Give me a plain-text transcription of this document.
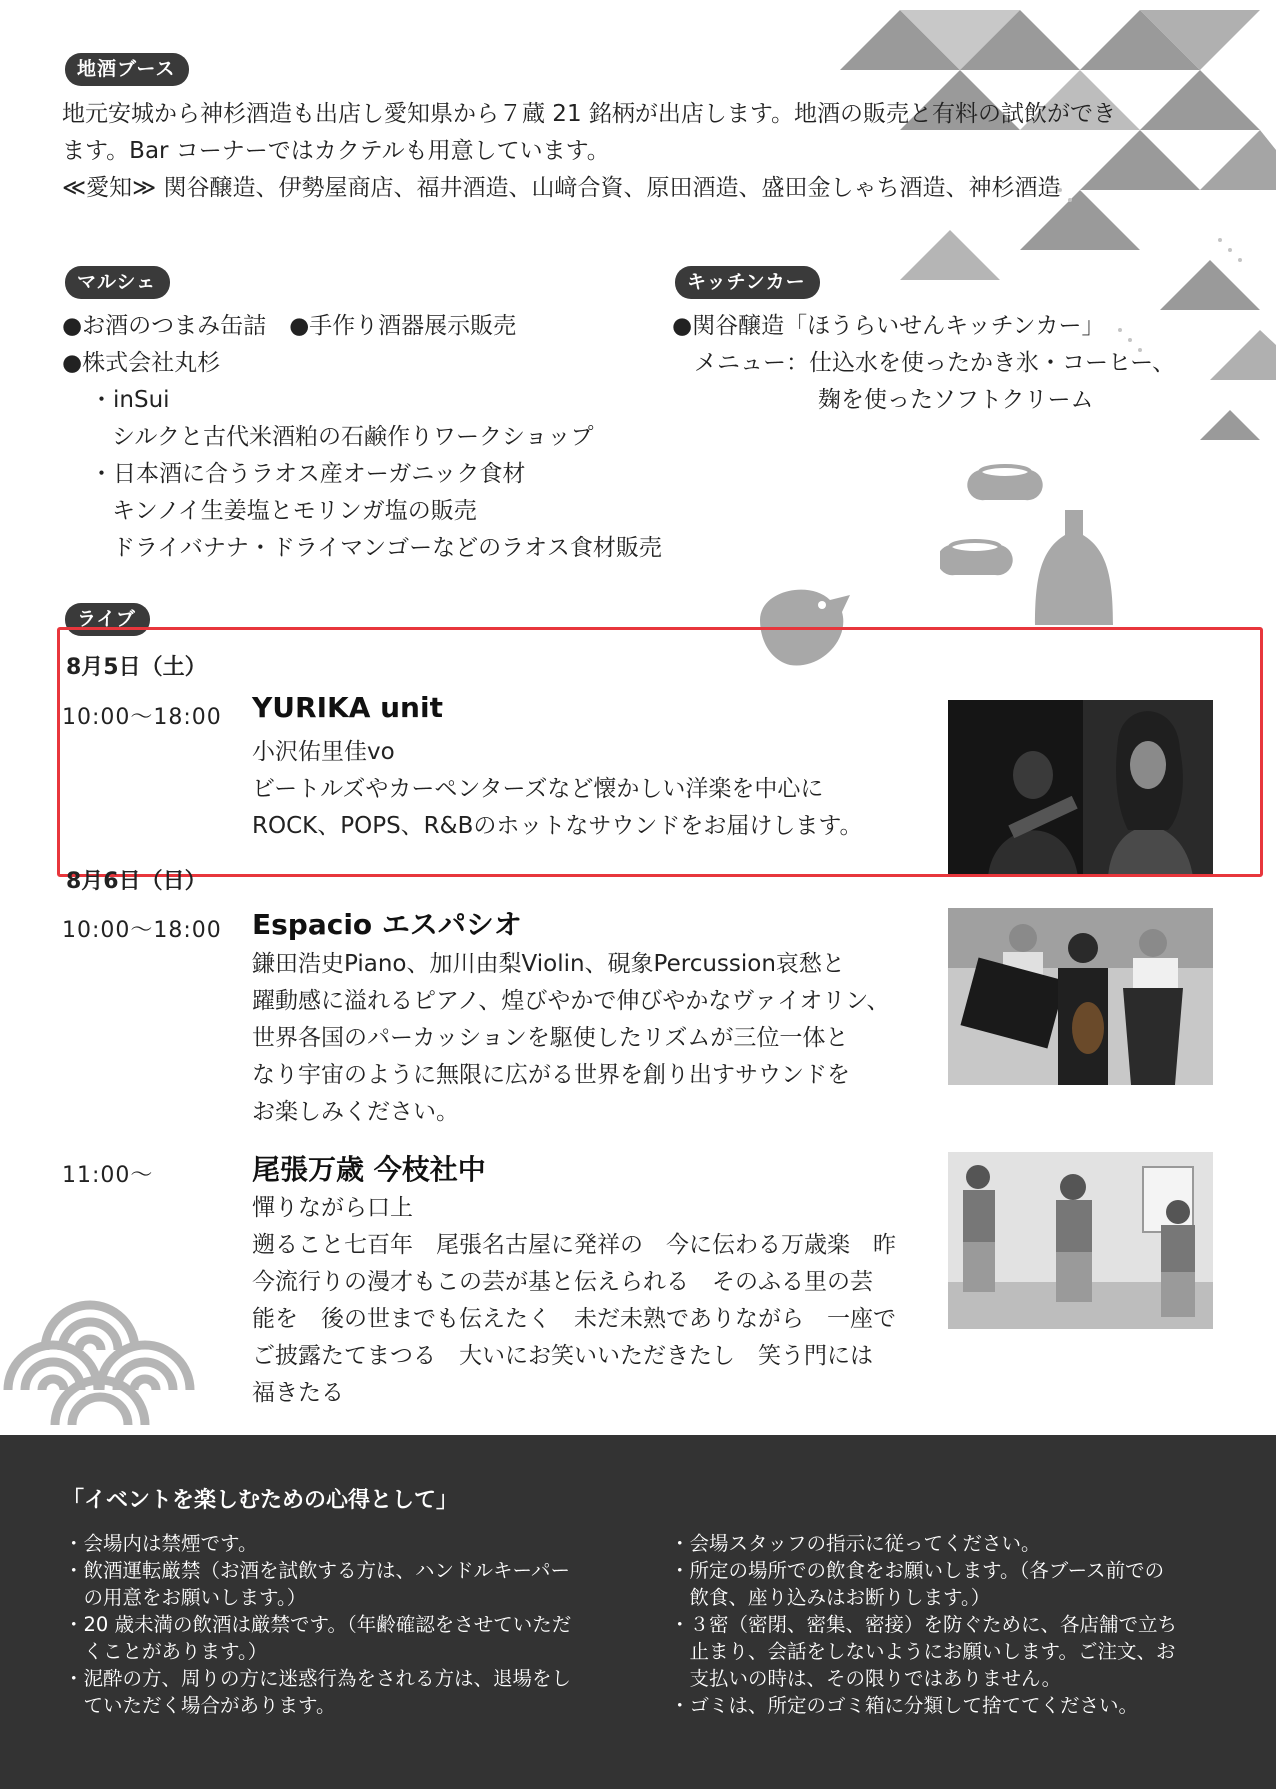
地酒ブース
地元安城から神杉酒造も出店し愛知県から７蔵 21 銘柄が出店します。地酒の販売と有料の試飲ができ
ます。Bar コーナーではカクテルも用意しています。
≪愛知≫ 関谷醸造、伊勢屋商店、福井酒造、山﨑合資、原田酒造、盛田金しゃち酒造、神杉酒造
マルシェ
●お酒のつまみ缶詰　●手作り酒器展示販売
●株式会社丸杉
・inSui
シルクと古代米酒粕の石鹸作りワークショップ
・日本酒に合うラオス産オーガニック食材
キンノイ生姜塩とモリンガ塩の販売
ドライバナナ・ドライマンゴーなどのラオス食材販売
キッチンカー
●関谷醸造「ほうらいせんキッチンカー」
メニュー：仕込水を使ったかき氷・コーヒー、
麹を使ったソフトクリーム
ライブ
8月5日（土）
10:00〜18:00 YURIKA unit
小沢佑里佳vo
ビートルズやカーペンターズなど懐かしい洋楽を中心に
ROCK、POPS、R&Bのホットなサウンドをお届けします。
8月6日（日）
10:00〜18:00 Espacio エスパシオ
鎌田浩史Piano、加川由梨Violin、硯象Percussion哀愁と
躍動感に溢れるピアノ、煌びやかで伸びやかなヴァイオリン、
世界各国のパーカッションを駆使したリズムが三位一体と
なり宇宙のように無限に広がる世界を創り出すサウンドを
お楽しみください。
11:00〜	尾張万歳 今枝社中
憚りながら口上
遡ること七百年　尾張名古屋に発祥の　今に伝わる万歳楽　昨
今流行りの漫才もこの芸が基と伝えられる　そのふる里の芸
能を　後の世までも伝えたく　未だ未熟でありながら　一座で
ご披露たてまつる　大いにお笑いいただきたし　笑う門には
福きたる
「イベントを楽しむための心得として」
・会場内は禁煙です。
・飲酒運転厳禁（お酒を試飲する方は、ハンドルキーパー
　の用意をお願いします。）
・20 歳未満の飲酒は厳禁です。（年齢確認をさせていただ
　くことがあります。）
・泥酔の方、周りの方に迷惑行為をされる方は、退場をし
　ていただく場合があります。
・会場スタッフの指示に従ってください。
・所定の場所での飲食をお願いします。（各ブース前での
　飲食、座り込みはお断りします。）
・３密（密閉、密集、密接）を防ぐために、各店舗で立ち
　止まり、会話をしないようにお願いします。ご注文、お
　支払いの時は、その限りではありません。
・ゴミは、所定のゴミ箱に分類して捨ててください。
